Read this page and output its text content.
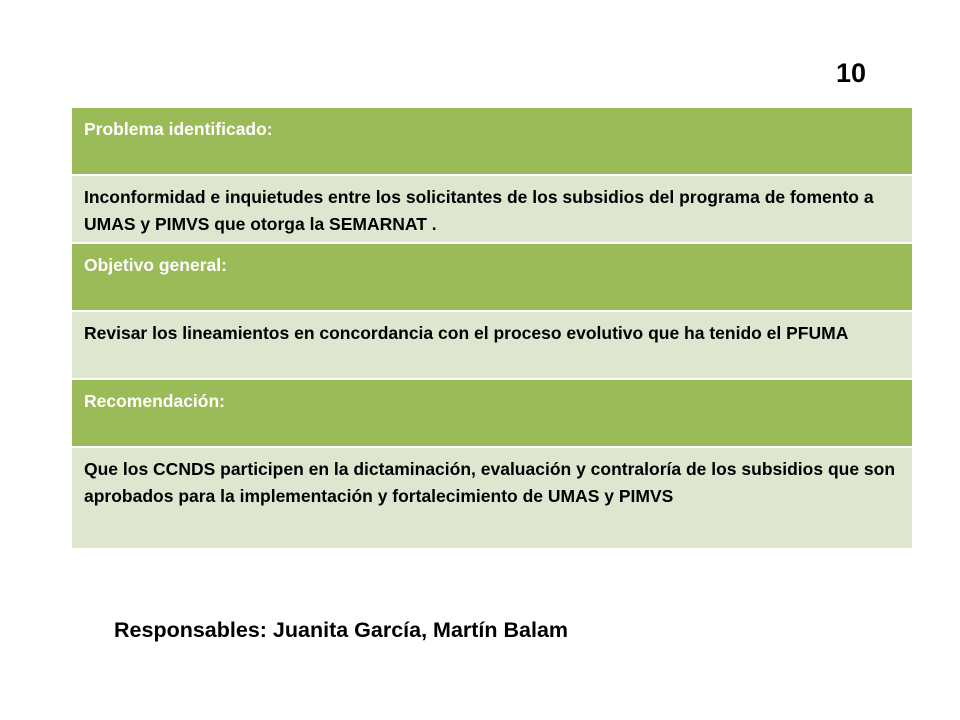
10
Problema identificado:
Inconformidad e inquietudes entre los solicitantes de los subsidios del programa de fomento a UMAS y PIMVS que otorga la SEMARNAT .
Objetivo general:
Revisar los lineamientos en concordancia con el proceso evolutivo que ha tenido el PFUMA
Recomendación:
Que los CCNDS participen en la dictaminación, evaluación y contraloría de los subsidios que son aprobados para la implementación y fortalecimiento de UMAS y PIMVS
Responsables: Juanita García, Martín Balam
